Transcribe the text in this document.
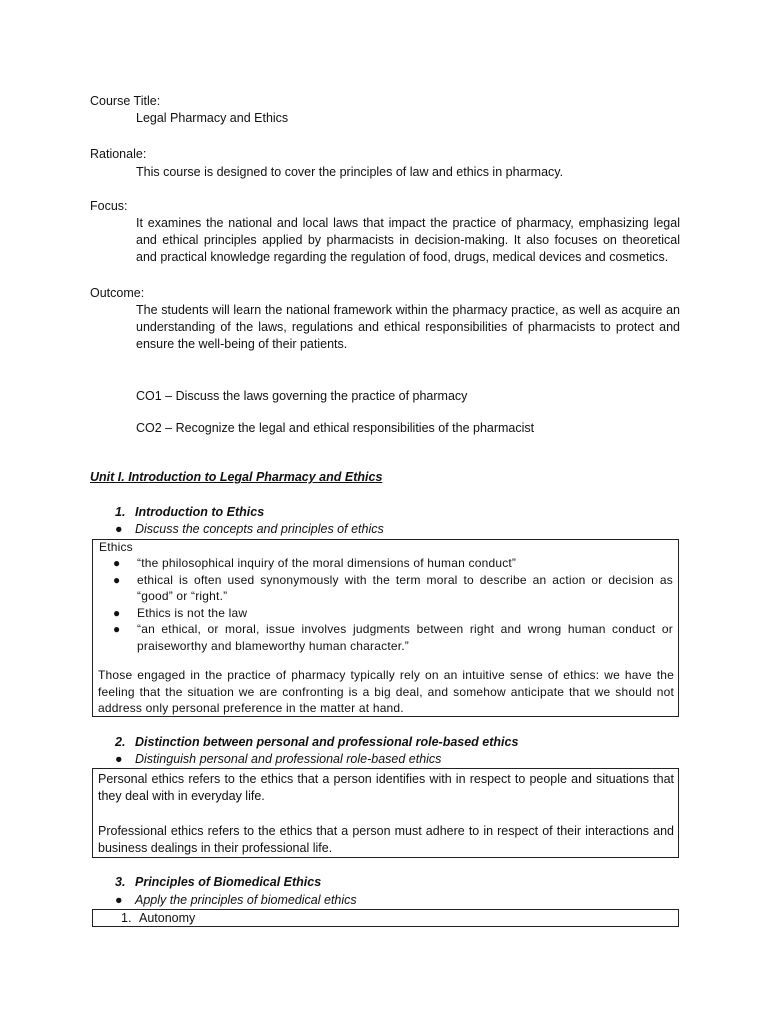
Course Title:
Legal Pharmacy and Ethics
Rationale:
This course is designed to cover the principles of law and ethics in pharmacy.
Focus:
It examines the national and local laws that impact the practice of pharmacy, emphasizing legal and ethical principles applied by pharmacists in decision-making. It also focuses on theoretical and practical knowledge regarding the regulation of food, drugs, medical devices and cosmetics.
Outcome:
The students will learn the national framework within the pharmacy practice, as well as acquire an understanding of the laws, regulations and ethical responsibilities of pharmacists to protect and ensure the well-being of their patients.
CO1 – Discuss the laws governing the practice of pharmacy
CO2 – Recognize the legal and ethical responsibilities of the pharmacist
Unit I. Introduction to Legal Pharmacy and Ethics
1. Introduction to Ethics
● Discuss the concepts and principles of ethics
Ethics
● “the philosophical inquiry of the moral dimensions of human conduct”
● ethical is often used synonymously with the term moral to describe an action or decision as “good” or “right.”
● Ethics is not the law
● “an ethical, or moral, issue involves judgments between right and wrong human conduct or praiseworthy and blameworthy human character.”
Those engaged in the practice of pharmacy typically rely on an intuitive sense of ethics: we have the feeling that the situation we are confronting is a big deal, and somehow anticipate that we should not address only personal preference in the matter at hand.
2. Distinction between personal and professional role-based ethics
● Distinguish personal and professional role-based ethics

Personal ethics refers to the ethics that a person identifies with in respect to people and situations that they deal with in everyday life.

Professional ethics refers to the ethics that a person must adhere to in respect of their interactions and business dealings in their professional life.

3. Principles of Biomedical Ethics
● Apply the principles of biomedical ethics
1. Autonomy
